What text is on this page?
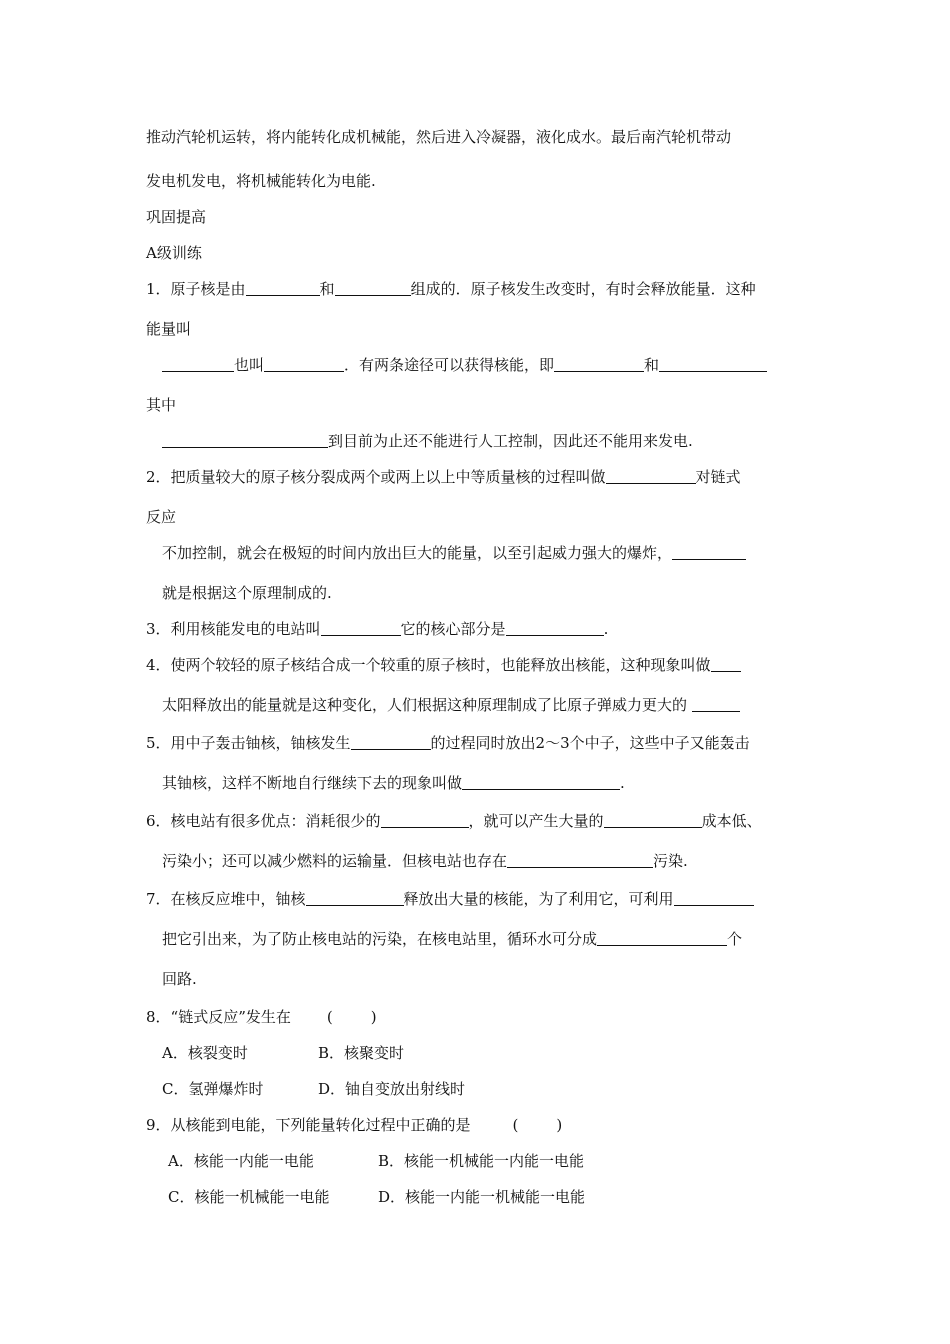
推动汽轮机运转，将内能转化成机械能，然后进入冷凝器，液化成水。最后南汽轮机带动
发电机发电，将机械能转化为电能.
巩固提高
A级训练
1．原子核是由	和	组成的．原子核发生改变时，有时会释放能量．这种
能量叫
也叫	．有两条途径可以获得核能，即	和
其中
到目前为止还不能进行人工控制，因此还不能用来发电.
2．把质量较大的原子核分裂成两个或两上以上中等质量核的过程叫做	对链式
反应
不加控制，就会在极短的时间内放出巨大的能量，以至引起威力强大的爆炸，
就是根据这个原理制成的.
3．利用核能发电的电站叫	它的核心部分是	.
4．使两个较轻的原子核结合成一个较重的原子核时，也能释放出核能，这种现象叫做
太阳释放出的能量就是这种变化，人们根据这种原理制成了比原子弹威力更大的
5．用中子轰击铀核，铀核发生	的过程同时放出2～3个中子，这些中子又能轰击
其铀核，这样不断地自行继续下去的现象叫做	.
6．核电站有很多优点：消耗很少的	，就可以产生大量的	成本低、
污染小；还可以减少燃料的运输量．但核电站也存在	污染.
7．在核反应堆中，铀核	释放出大量的核能，为了利用它，可利用
把它引出来，为了防止核电站的污染，在核电站里，循环水可分成	个
回路.
8．“链式反应”发生在 (	)
A．核裂变时	B．核聚变时
C．氢弹爆炸时	D．铀自变放出射线时
9．从核能到电能，下列能量转化过程中正确的是	(	)
A．核能一内能一电能	B．核能一机械能一内能一电能
C．核能一机械能一电能	D．核能一内能一机械能一电能
